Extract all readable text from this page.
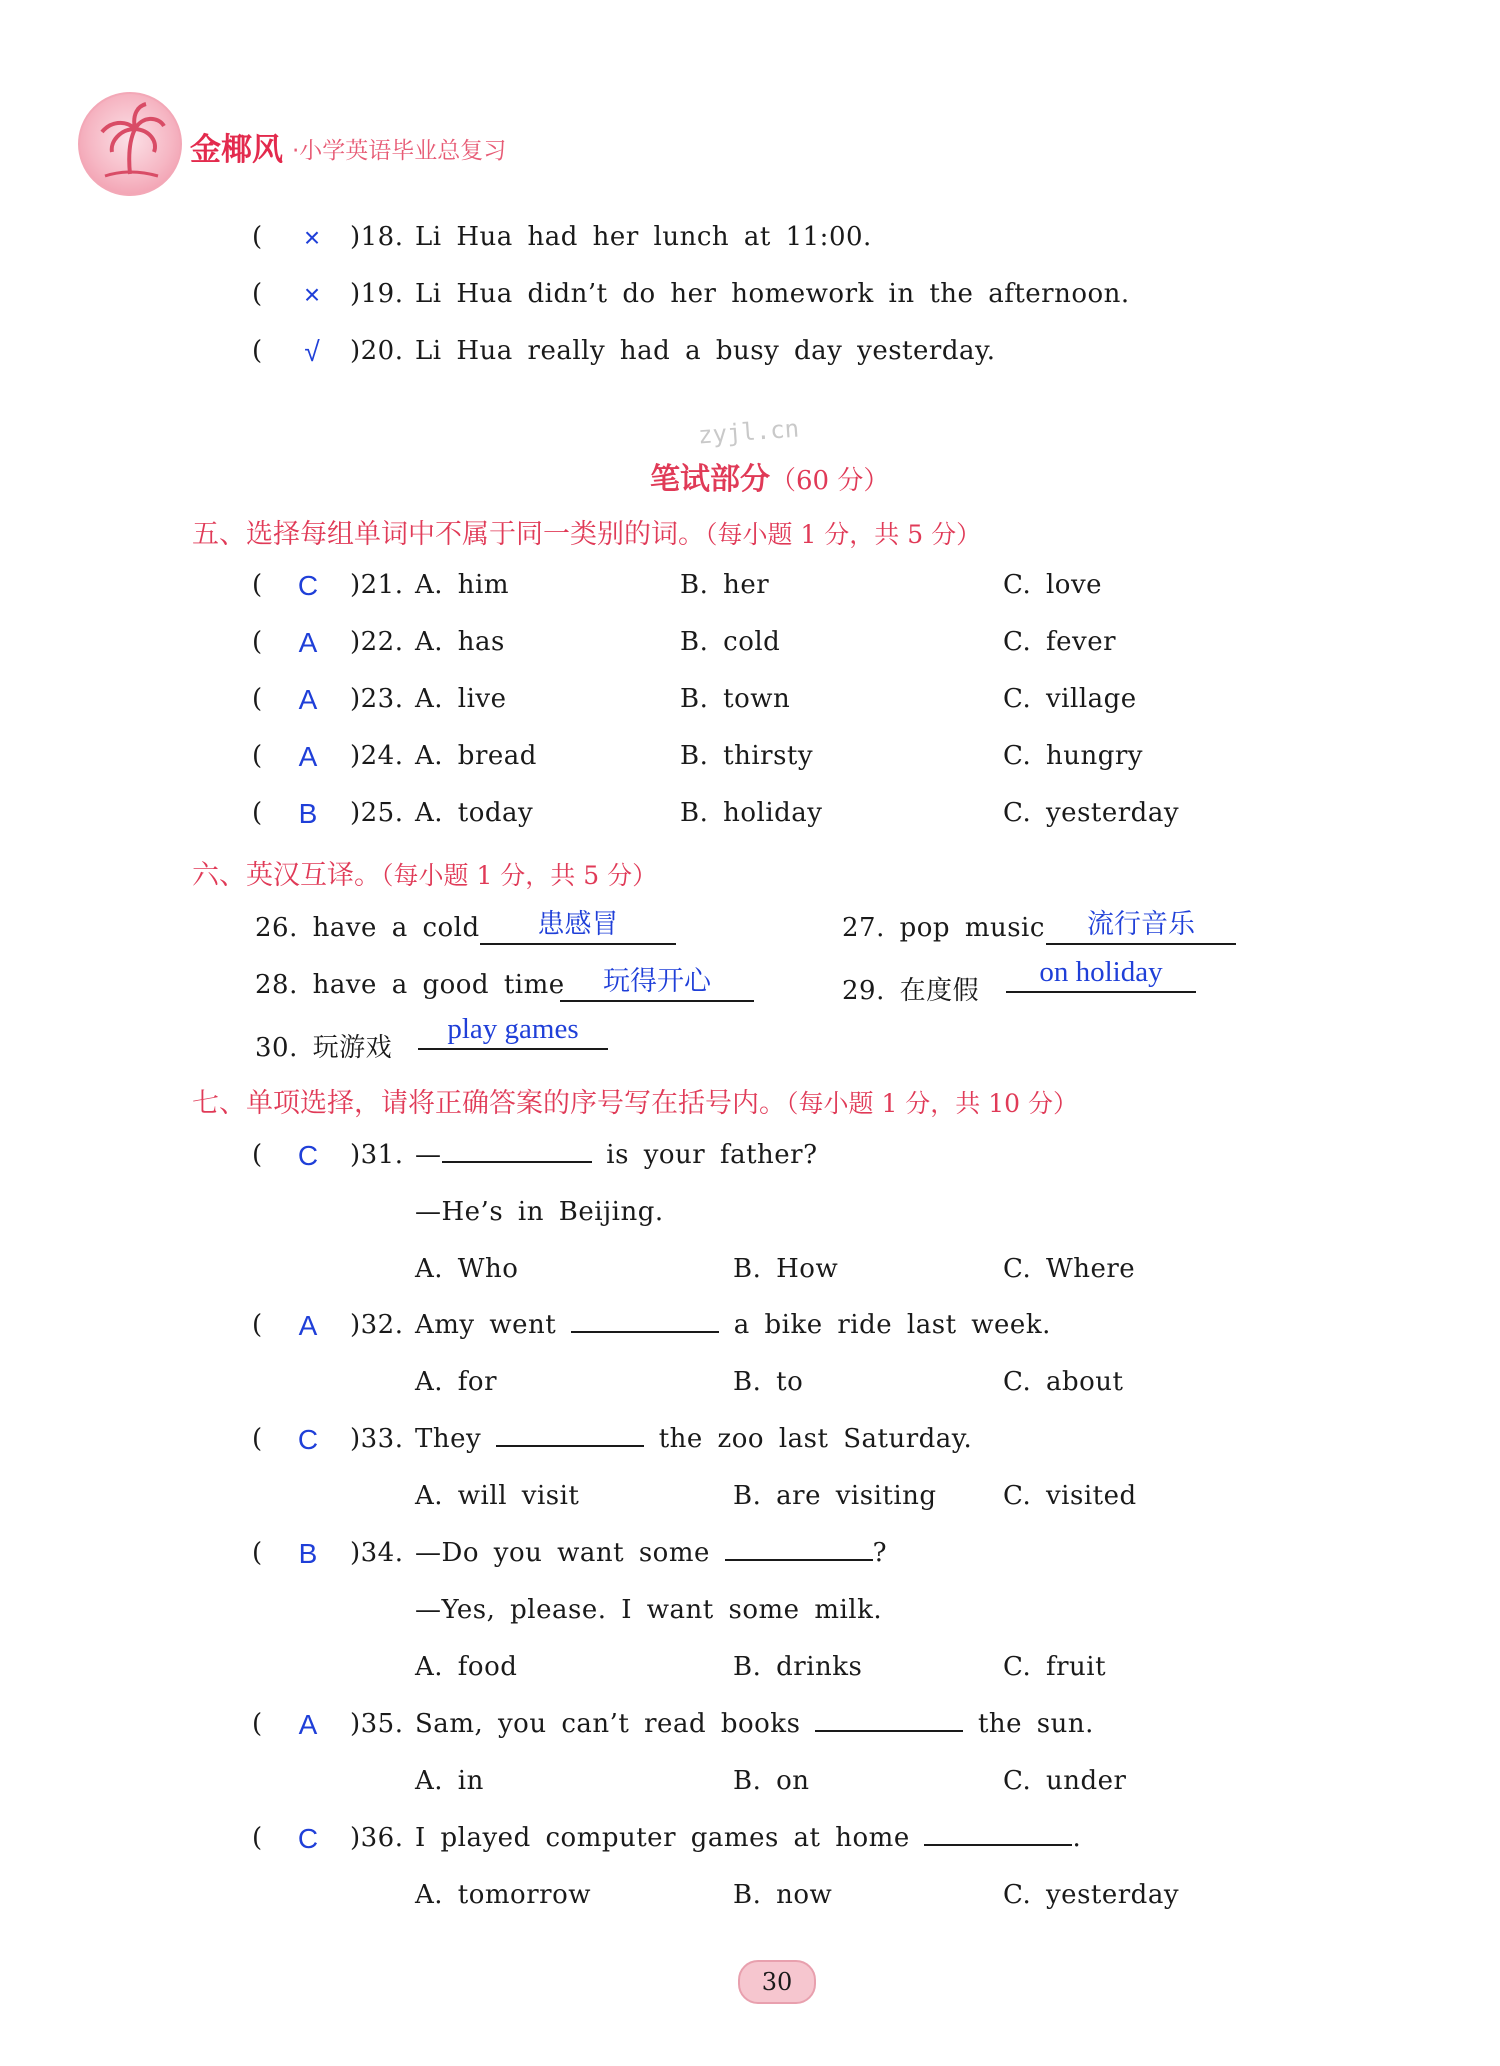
金椰风 ·小学英语毕业总复习
(	×	)18. Li Hua had her lunch at 11:00.
(	×	)19. Li Hua didn’t do her homework in the afternoon.
(	√	)20. Li Hua really had a busy day yesterday.
zyjl.cn
笔试部分（60 分）
五、选择每组单词中不属于同一类别的词。（每小题 1 分，共 5 分）
(	C	)21. A. him	B. her	C. love
(	A	)22. A. has	B. cold	C. fever
(	A	)23. A. live	B. town	C. village
(	A	)24. A. bread	B. thirsty	C. hungry
(	B	)25. A. today	B. holiday	C. yesterday
六、英汉互译。（每小题 1 分，共 5 分）
26. have a cold	患感冒	27. pop music	流行音乐
28. have a good time	玩得开心	29. 在度假
on holiday
30. 玩游戏
play games
七、单项选择，请将正确答案的序号写在括号内。（每小题 1 分，共 10 分）
(	C	)31. —	is your father?
—He’s in Beijing.
A. Who	B. How	C. Where
(	A	)32. Amy went	a bike ride last week.
A. for	B. to	C. about
(	C	)33. They	the zoo last Saturday.
A. will visit	B. are visiting	C. visited
(	B	)34. —Do you want some	?
—Yes, please. I want some milk.
A. food	B. drinks	C. fruit
(	A	)35. Sam, you can’t read books	the sun.
A. in	B. on	C. under
(	C	)36. I played computer games at home	.
A. tomorrow	B. now	C. yesterday
30
